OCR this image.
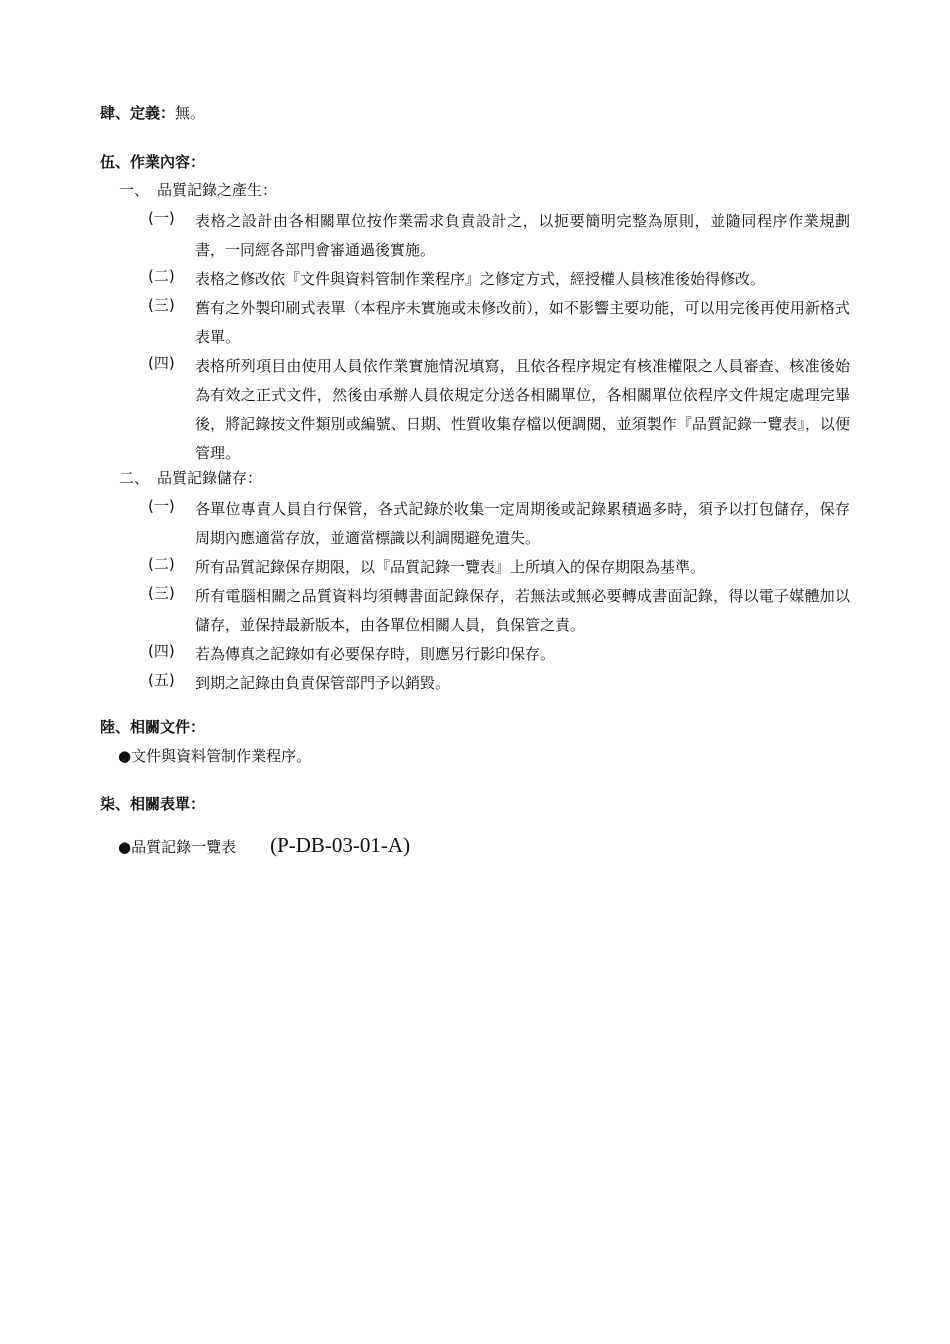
肆、定義：無。
伍、作業內容：
一、 品質記錄之產生：
(一) 表格之設計由各相關單位按作業需求負責設計之，以扼要簡明完整為原則，並隨同程序作業規劃書，一同經各部門會審通過後實施。
(二) 表格之修改依『文件與資料管制作業程序』之修定方式，經授權人員核准後始得修改。
(三) 舊有之外製印刷式表單（本程序未實施或未修改前），如不影響主要功能，可以用完後再使用新格式表單。
(四) 表格所列項目由使用人員依作業實施情況填寫，且依各程序規定有核准權限之人員審查、核准後始為有效之正式文件，然後由承辦人員依規定分送各相關單位，各相關單位依程序文件規定處理完畢後，將記錄按文件類別或編號、日期、性質收集存檔以便調閱，並須製作『品質記錄一覽表』，以便管理。
二、 品質記錄儲存：
(一) 各單位專責人員自行保管，各式記錄於收集一定周期後或記錄累積過多時，須予以打包儲存，保存周期內應適當存放，並適當標識以利調閱避免遺失。
(二) 所有品質記錄保存期限，以『品質記錄一覽表』上所填入的保存期限為基準。
(三) 所有電腦相關之品質資料均須轉書面記錄保存，若無法或無必要轉成書面記錄，得以電子媒體加以儲存，並保持最新版本，由各單位相關人員，負保管之責。
(四) 若為傳真之記錄如有必要保存時，則應另行影印保存。
(五) 到期之記錄由負責保管部門予以銷毀。
陸、相關文件：
●文件與資料管制作業程序。
柒、相關表單：
●品質記錄一覽表 (P-DB-03-01-A)
